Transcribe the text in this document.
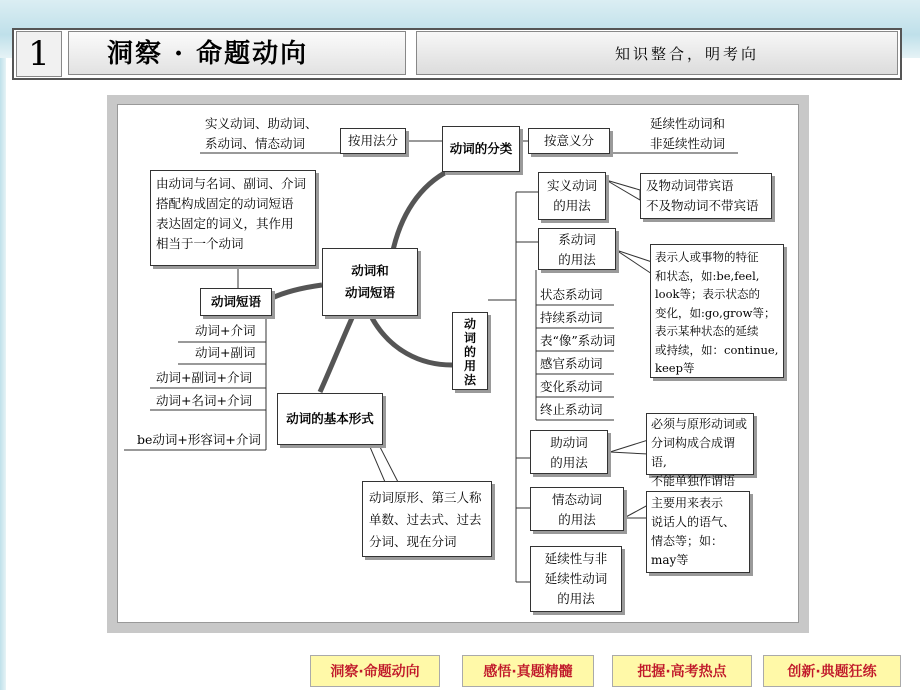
1	洞察 · 命题动向	知识整合，明考向
实义动词、助动词、
系动词、情态动词	按用法分
动词的分类
按意义分
延续性动词和
非延续性动词
由动词与名词、副词、介词
搭配构成固定的动词短语
表达固定的词义，其作用
相当于一个动词
动词短语
动词+介词
动词+副词
动词+副词+介词
动词+名词+介词
be动词+形容词+介词
动词和
动词短语
动词的基本形式
动词原形、第三人称
单数、过去式、过去
分词、现在分词
动
词
的
用
法
实义动词
的用法
及物动词带宾语
不及物动词不带宾语
系动词
的用法	表示人或事物的特征
和状态，如:be,feel,
look等；表示状态的
变化，如:go,grow等；
表示某种状态的延续
或持续，如：continue,
keep等
状态系动词
持续系动词
表“像”系动词
感官系动词
变化系动词
终止系动词
助动词
的用法
必须与原形动词或
分词构成合成谓语,
不能单独作谓语
情态动词
的用法
主要用来表示
说话人的语气、
情态等；如：
may等
延续性与非
延续性动词
的用法
洞察·命题动向	感悟·真题精髓	把握·高考热点	创新·典题狂练
